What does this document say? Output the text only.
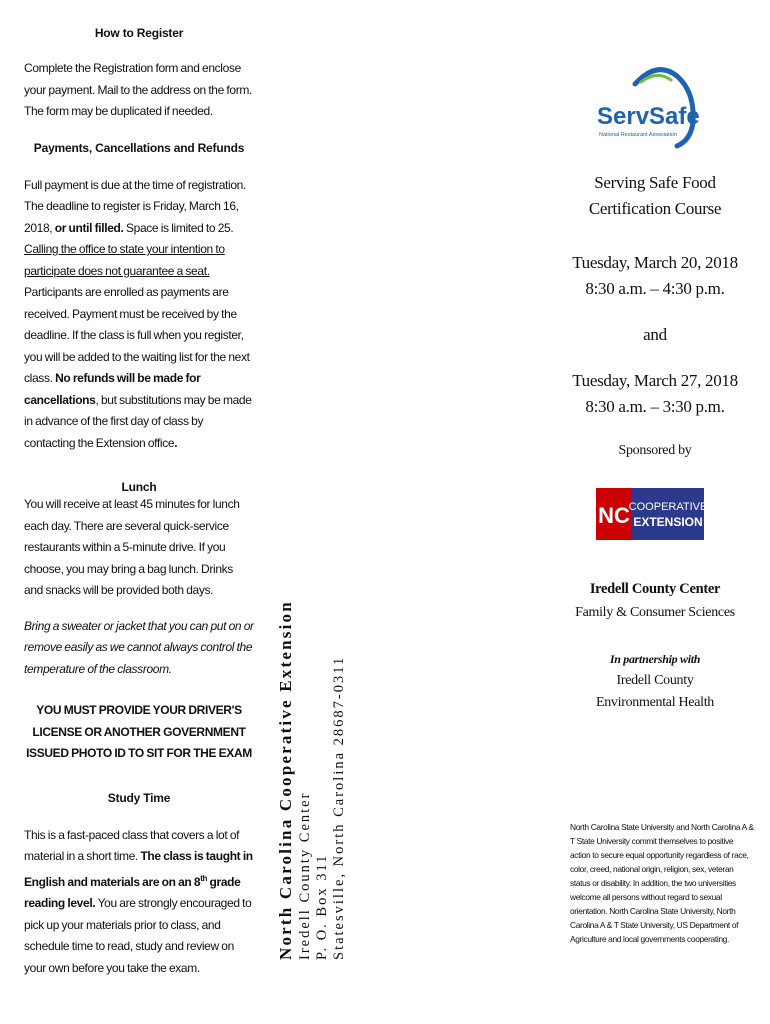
How to Register
Complete the Registration form and enclose your payment. Mail to the address on the form. The form may be duplicated if needed.
Payments, Cancellations and Refunds
Full payment is due at the time of registration. The deadline to register is Friday, March 16, 2018, or until filled. Space is limited to 25. Calling the office to state your intention to participate does not guarantee a seat. Participants are enrolled as payments are received. Payment must be received by the deadline. If the class is full when you register, you will be added to the waiting list for the next class. No refunds will be made for cancellations, but substitutions may be made in advance of the first day of class by contacting the Extension office.
Lunch
You will receive at least 45 minutes for lunch each day. There are several quick-service restaurants within a 5-minute drive. If you choose, you may bring a bag lunch. Drinks and snacks will be provided both days.
Bring a sweater or jacket that you can put on or remove easily as we cannot always control the temperature of the classroom.
YOU MUST PROVIDE YOUR DRIVER'S LICENSE OR ANOTHER GOVERNMENT ISSUED PHOTO ID TO SIT FOR THE EXAM
Study Time
This is a fast-paced class that covers a lot of material in a short time. The class is taught in English and materials are on an 8th grade reading level. You are strongly encouraged to pick up your materials prior to class, and schedule time to read, study and review on your own before you take the exam.
North Carolina Cooperative Extension Iredell County Center P. O. Box 311 Statesville, North Carolina 28687-0311
ServSafe
National Restaurant Association
Serving Safe Food
Certification Course
Tuesday, March 20, 2018
8:30 a.m. – 4:30 p.m.
and
Tuesday, March 27, 2018
8:30 a.m. – 3:30 p.m.
Sponsored by
Iredell County Center
Family & Consumer Sciences
In partnership with
Iredell County
Environmental Health
NC
COOPERATIVE
EXTENSION
North Carolina State University and North Carolina A & T State University commit themselves to positive action to secure equal opportunity regardless of race, color, creed, national origin, religion, sex, veteran status or disability. In addition, the two universities welcome all persons without regard to sexual orientation. North Carolina State University, North Carolina A & T State University, US Department of Agriculture and local governments cooperating.
